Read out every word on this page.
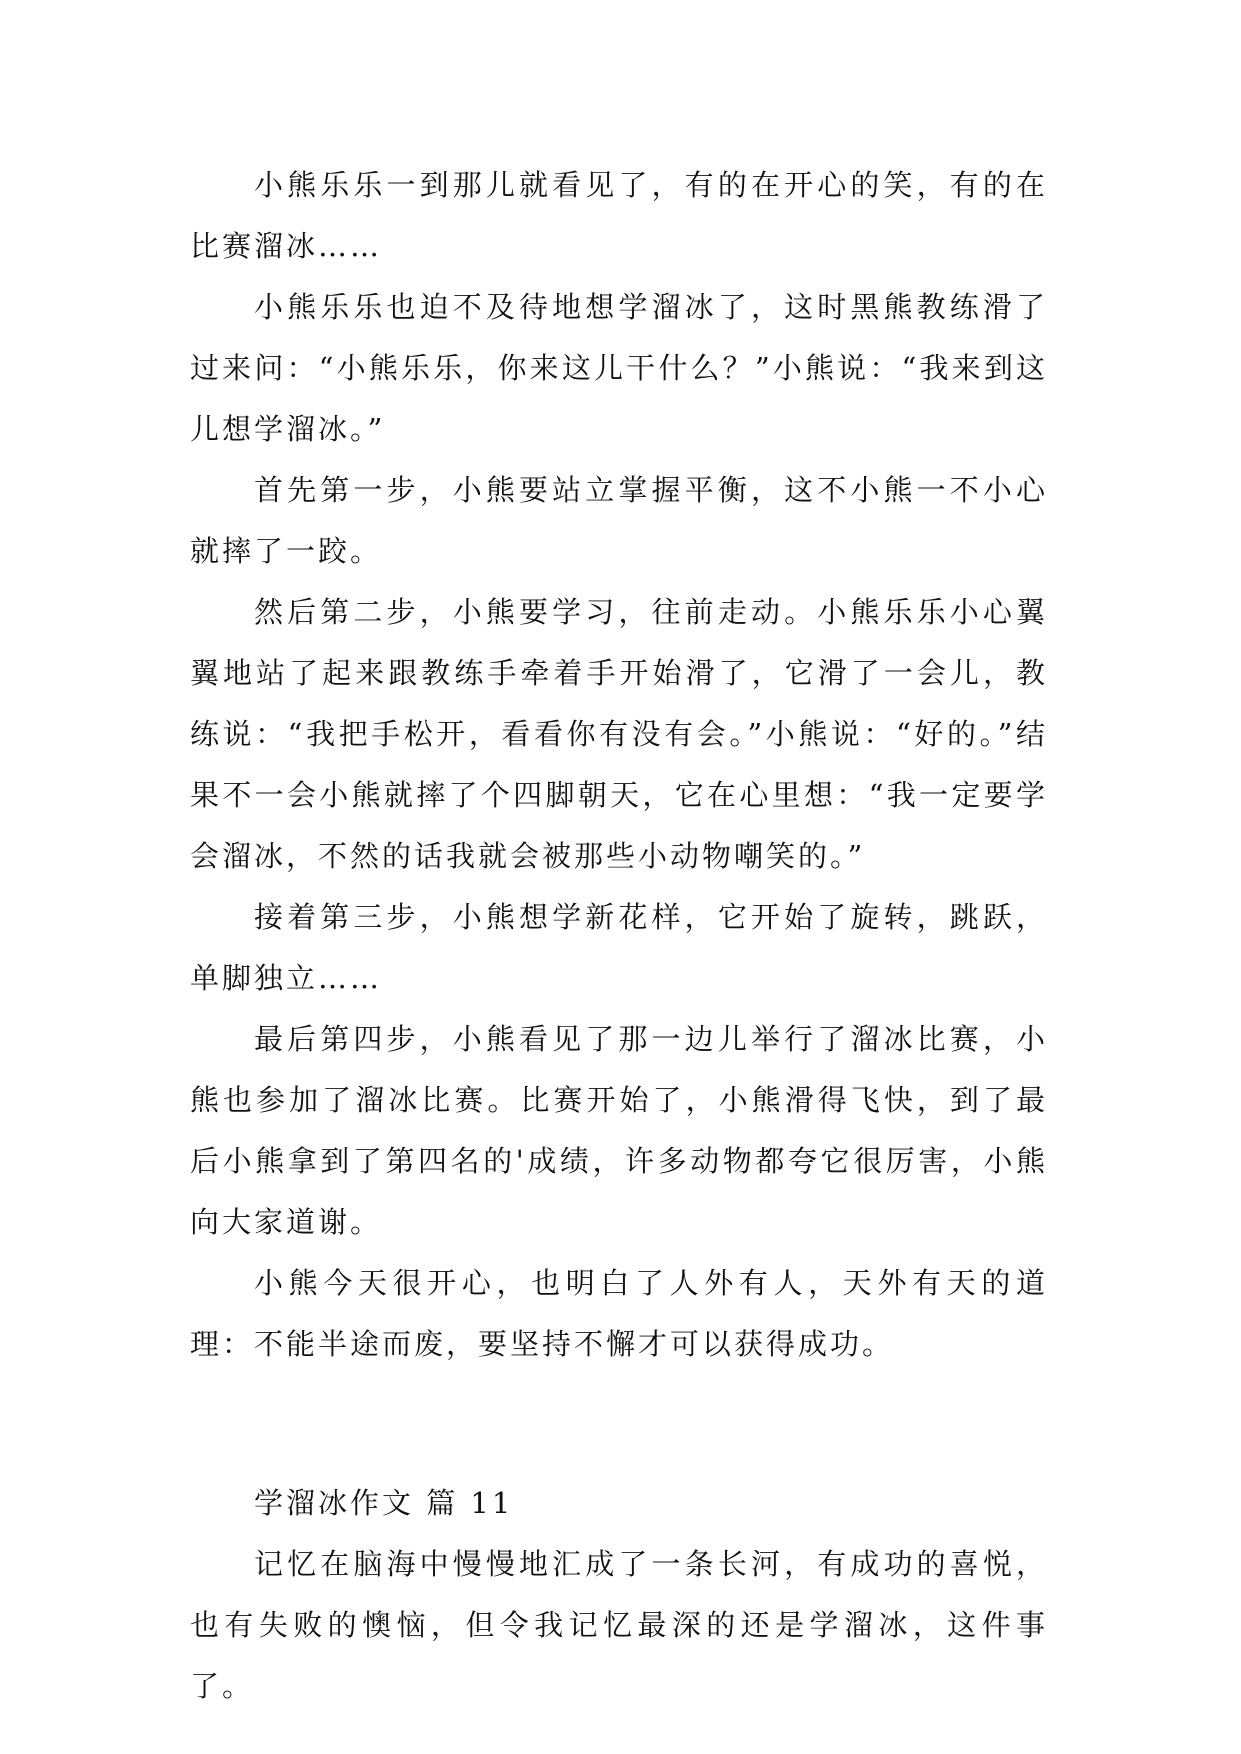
小熊乐乐一到那儿就看见了，有的在开心的笑，有的在比赛溜冰……

小熊乐乐也迫不及待地想学溜冰了，这时黑熊教练滑了过来问：“小熊乐乐，你来这儿干什么？”小熊说：“我来到这儿想学溜冰。”

首先第一步，小熊要站立掌握平衡，这不小熊一不小心就摔了一跤。

然后第二步，小熊要学习，往前走动。小熊乐乐小心翼翼地站了起来跟教练手牵着手开始滑了，它滑了一会儿，教练说：“我把手松开，看看你有没有会。”小熊说：“好的。”结果不一会小熊就摔了个四脚朝天，它在心里想：“我一定要学会溜冰，不然的话我就会被那些小动物嘲笑的。”

接着第三步，小熊想学新花样，它开始了旋转，跳跃，单脚独立……

最后第四步，小熊看见了那一边儿举行了溜冰比赛，小熊也参加了溜冰比赛。比赛开始了，小熊滑得飞快，到了最后小熊拿到了第四名的'成绩，许多动物都夸它很厉害，小熊向大家道谢。

小熊今天很开心，也明白了人外有人，天外有天的道理：不能半途而废，要坚持不懈才可以获得成功。

学溜冰作文 篇 11

记忆在脑海中慢慢地汇成了一条长河，有成功的喜悦，也有失败的懊恼，但令我记忆最深的还是学溜冰，这件事了。
